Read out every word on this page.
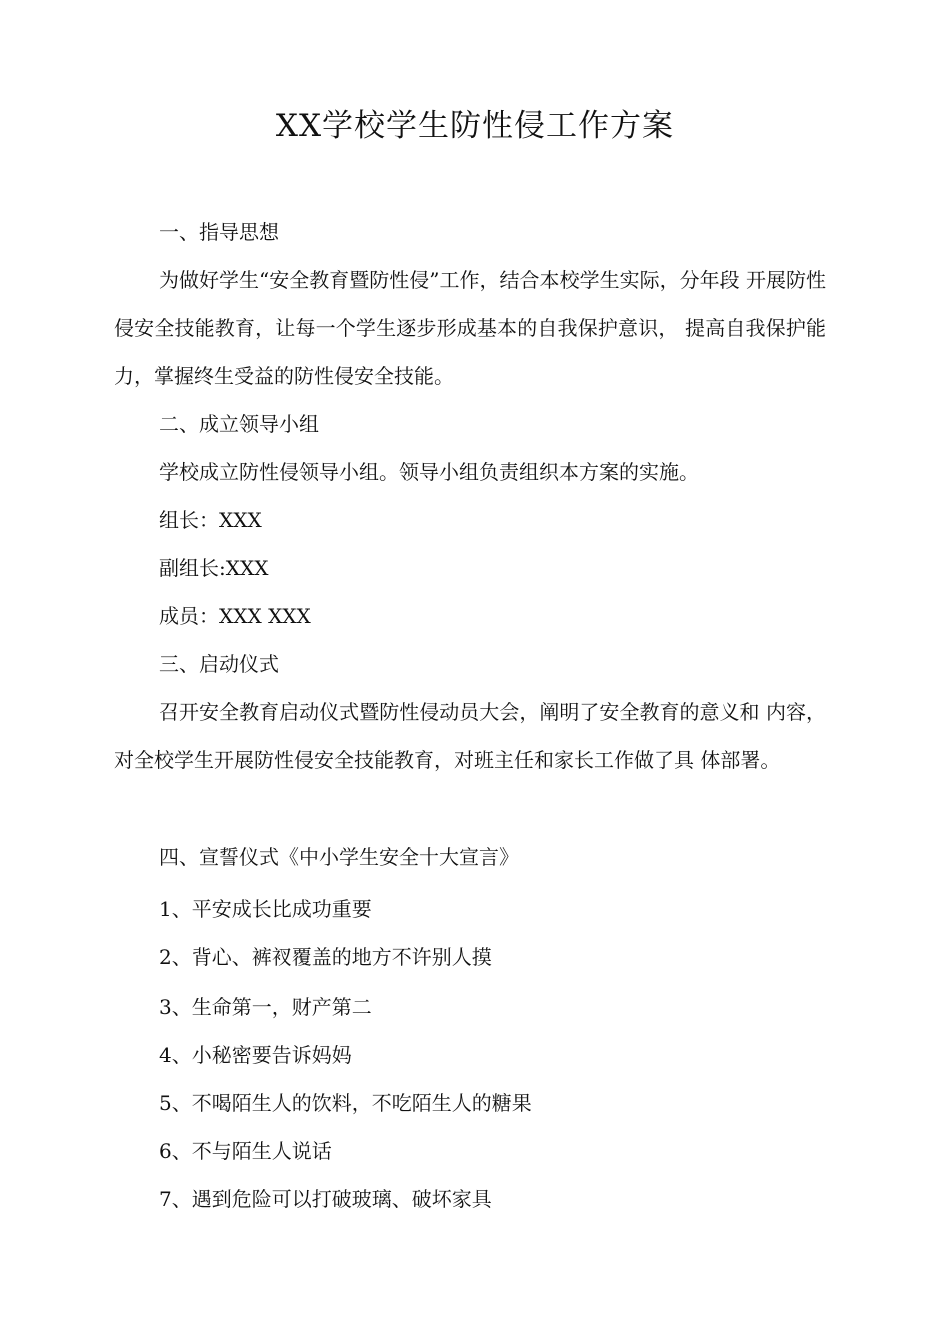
XX学校学生防性侵工作方案

一、指导思想

为做好学生“安全教育暨防性侵”工作，结合本校学生实际，分年段 开展防性侵安全技能教育，让每一个学生逐步形成基本的自我保护意识， 提高自我保护能力，掌握终生受益的防性侵安全技能。

二、成立领导小组

学校成立防性侵领导小组。领导小组负责组织本方案的实施。

组长：XXX

副组长:XXX

成员：XXX XXX

三、启动仪式

召开安全教育启动仪式暨防性侵动员大会，阐明了安全教育的意义和 内容，对全校学生开展防性侵安全技能教育，对班主任和家长工作做了具 体部署。

四、宣誓仪式《中小学生安全十大宣言》

1、平安成长比成功重要

2、背心、裤衩覆盖的地方不许别人摸

3、生命第一，财产第二

4、小秘密要告诉妈妈

5、不喝陌生人的饮料，不吃陌生人的糖果

6、不与陌生人说话

7、遇到危险可以打破玻璃、破坏家具
